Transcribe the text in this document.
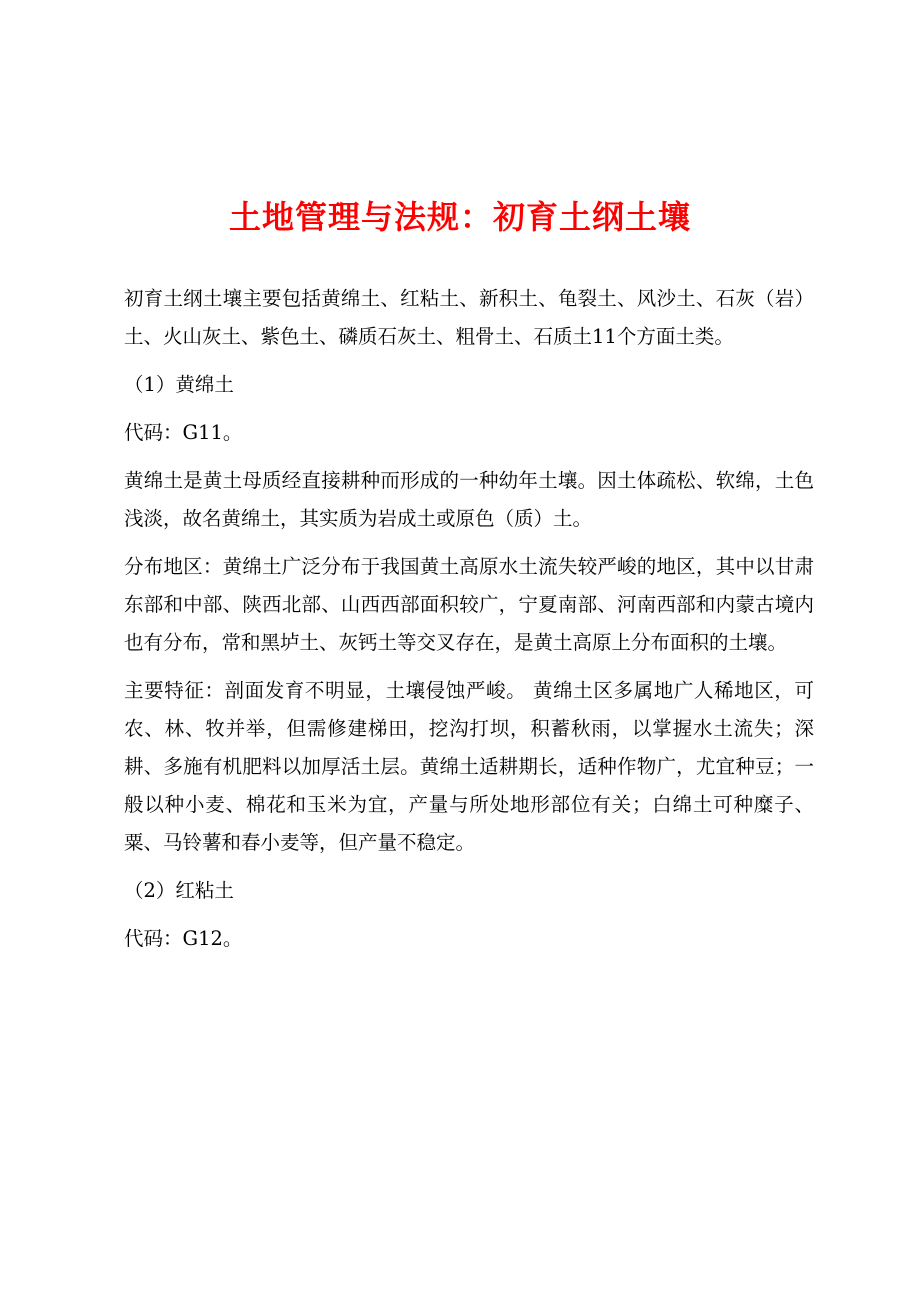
土地管理与法规：初育土纲土壤

初育土纲土壤主要包括黄绵土、红粘土、新积土、龟裂土、风沙土、石灰（岩）土、火山灰土、紫色土、磷质石灰土、粗骨土、石质土11个方面土类。

（1）黄绵土

代码：G11。

黄绵土是黄土母质经直接耕种而形成的一种幼年土壤。因土体疏松、软绵，土色浅淡，故名黄绵土，其实质为岩成土或原色（质）土。

分布地区：黄绵土广泛分布于我国黄土高原水土流失较严峻的地区，其中以甘肃东部和中部、陕西北部、山西西部面积较广，宁夏南部、河南西部和内蒙古境内也有分布，常和黑垆土、灰钙土等交叉存在，是黄土高原上分布面积的土壤。

主要特征：剖面发育不明显，土壤侵蚀严峻。 黄绵土区多属地广人稀地区，可农、林、牧并举，但需修建梯田，挖沟打坝，积蓄秋雨，以掌握水土流失；深耕、多施有机肥料以加厚活土层。黄绵土适耕期长，适种作物广，尤宜种豆；一般以种小麦、棉花和玉米为宜，产量与所处地形部位有关；白绵土可种糜子、粟、马铃薯和春小麦等，但产量不稳定。

（2）红粘土

代码：G12。
